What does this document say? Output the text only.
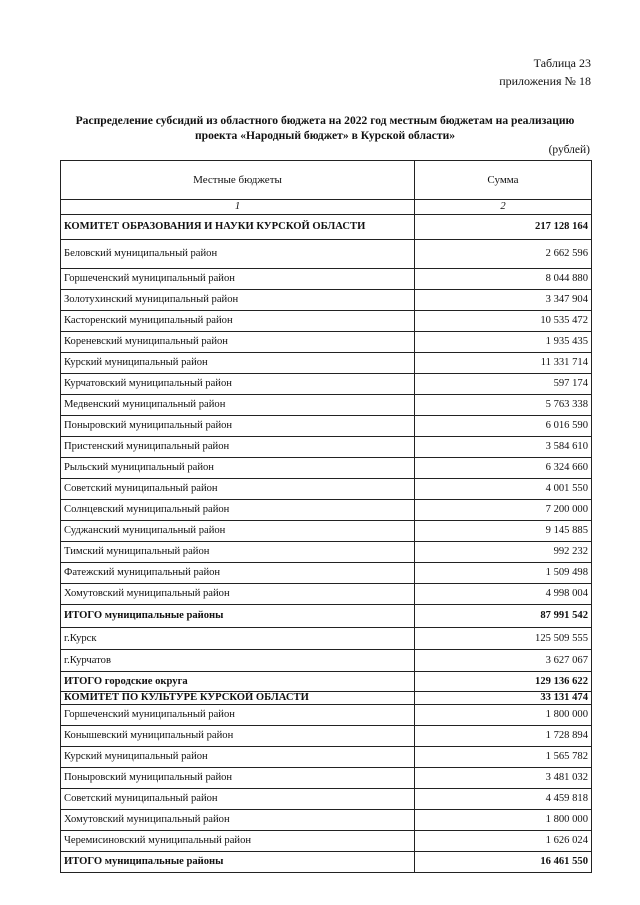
Таблица 23
приложения № 18
Распределение субсидий из областного бюджета на 2022 год местным бюджетам на реализацию
проекта «Народный бюджет» в Курской области»
(рублей)
Местные бюджеты	Сумма
1	2
КОМИТЕТ ОБРАЗОВАНИЯ И НАУКИ КУРСКОЙ ОБЛАСТИ	217 128 164
Беловский муниципальный район	2 662 596
Горшеченский муниципальный район	8 044 880
Золотухинский муниципальный район	3 347 904
Касторенский муниципальный район	10 535 472
Кореневский муниципальный район	1 935 435
Курский муниципальный район	11 331 714
Курчатовский муниципальный район	597 174
Медвенский муниципальный район	5 763 338
Поныровский муниципальный район	6 016 590
Пристенский муниципальный район	3 584 610
Рыльский муниципальный район	6 324 660
Советский муниципальный район	4 001 550
Солнцевский муниципальный район	7 200 000
Суджанский муниципальный район	9 145 885
Тимский муниципальный район	992 232
Фатежский муниципальный район	1 509 498
Хомутовский муниципальный район	4 998 004
ИТОГО муниципальные районы	87 991 542
г.Курск	125 509 555
г.Курчатов	3 627 067
ИТОГО городские округа	129 136 622
КОМИТЕТ ПО КУЛЬТУРЕ КУРСКОЙ ОБЛАСТИ	33 131 474
Горшеченский муниципальный район	1 800 000
Конышевский муниципальный район	1 728 894
Курский муниципальный район	1 565 782
Поныровский муниципальный район	3 481 032
Советский муниципальный район	4 459 818
Хомутовский муниципальный район	1 800 000
Черемисиновский муниципальный район	1 626 024
ИТОГО муниципальные районы	16 461 550
